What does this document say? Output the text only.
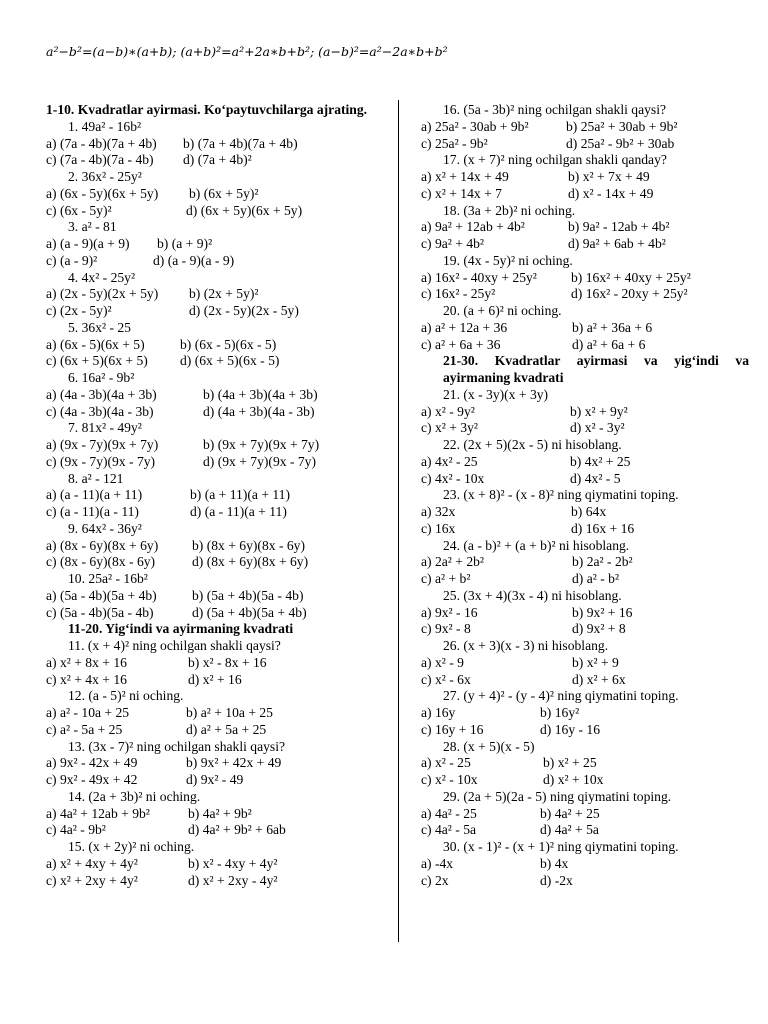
a²−b²=(a−b)∗(a+b); (a+b)²=a²+2a∗b+b²; (a−b)²=a²−2a∗b+b²
1-10. Kvadratlar ayirmasi. Ko‘paytuvchilarga ajrating.
1. 49a² - 16b²
a) (7a - 4b)(7a + 4b)	b) (7a + 4b)(7a + 4b)
c) (7a - 4b)(7a - 4b)	d) (7a + 4b)²
2. 36x² - 25y²
a) (6x - 5y)(6x + 5y)	b) (6x + 5y)²
c) (6x - 5y)²	d) (6x + 5y)(6x + 5y)
3. a² - 81
a) (a - 9)(a + 9)	b) (a + 9)²
c) (a - 9)²	d) (a - 9)(a - 9)
4. 4x² - 25y²
a) (2x - 5y)(2x + 5y)	b) (2x + 5y)²
c) (2x - 5y)²	d) (2x - 5y)(2x - 5y)
5. 36x² - 25
a) (6x - 5)(6x + 5)	b) (6x - 5)(6x - 5)
c) (6x + 5)(6x + 5)	d) (6x + 5)(6x - 5)
6. 16a² - 9b²
a) (4a - 3b)(4a + 3b)	b) (4a + 3b)(4a + 3b)
c) (4a - 3b)(4a - 3b)	d) (4a + 3b)(4a - 3b)
7. 81x² - 49y²
a) (9x - 7y)(9x + 7y)	b) (9x + 7y)(9x + 7y)
c) (9x - 7y)(9x - 7y)	d) (9x + 7y)(9x - 7y)
8. a² - 121
a) (a - 11)(a + 11)	b) (a + 11)(a + 11)
c) (a - 11)(a - 11)	d) (a - 11)(a + 11)
9. 64x² - 36y²
a) (8x - 6y)(8x + 6y)	b) (8x + 6y)(8x - 6y)
c) (8x - 6y)(8x - 6y)	d) (8x + 6y)(8x + 6y)
10. 25a² - 16b²
a) (5a - 4b)(5a + 4b)	b) (5a + 4b)(5a - 4b)
c) (5a - 4b)(5a - 4b)	d) (5a + 4b)(5a + 4b)
11-20. Yig‘indi va ayirmaning kvadrati
11. (x + 4)² ning ochilgan shakli qaysi?
a) x² + 8x + 16	b) x² - 8x + 16
c) x² + 4x + 16	d) x² + 16
12. (a - 5)² ni oching.
a) a² - 10a + 25	b) a² + 10a + 25
c) a² - 5a + 25	d) a² + 5a + 25
13. (3x - 7)² ning ochilgan shakli qaysi?
a) 9x² - 42x + 49	b) 9x² + 42x + 49
c) 9x² - 49x + 42	d) 9x² - 49
14. (2a + 3b)² ni oching.
a) 4a² + 12ab + 9b²	b) 4a² + 9b²
c) 4a² - 9b²	d) 4a² + 9b² + 6ab
15. (x + 2y)² ni oching.
a) x² + 4xy + 4y²	b) x² - 4xy + 4y²
c) x² + 2xy + 4y²	d) x² + 2xy - 4y²
16. (5a - 3b)² ning ochilgan shakli qaysi?
a) 25a² - 30ab + 9b²	b) 25a² + 30ab + 9b²
c) 25a² - 9b²	d) 25a² - 9b² + 30ab
17. (x + 7)² ning ochilgan shakli qanday?
a) x² + 14x + 49	b) x² + 7x + 49
c) x² + 14x + 7	d) x² - 14x + 49
18. (3a + 2b)² ni oching.
a) 9a² + 12ab + 4b²	b) 9a² - 12ab + 4b²
c) 9a² + 4b²	d) 9a² + 6ab + 4b²
19. (4x - 5y)² ni oching.
a) 16x² - 40xy + 25y²	b) 16x² + 40xy + 25y²
c) 16x² - 25y²	d) 16x² - 20xy + 25y²
20. (a + 6)² ni oching.
a) a² + 12a + 36	b) a² + 36a + 6
c) a² + 6a + 36	d) a² + 6a + 6
21-30. Kvadratlar ayirmasi va yig‘indi va ayirmaning kvadrati
21. (x - 3y)(x + 3y)
a) x² - 9y²	b) x² + 9y²
c) x² + 3y²	d) x² - 3y²
22. (2x + 5)(2x - 5) ni hisoblang.
a) 4x² - 25	b) 4x² + 25
c) 4x² - 10x	d) 4x² - 5
23. (x + 8)² - (x - 8)² ning qiymatini toping.
a) 32x	b) 64x
c) 16x	d) 16x + 16
24. (a - b)² + (a + b)² ni hisoblang.
a) 2a² + 2b²	b) 2a² - 2b²
c) a² + b²	d) a² - b²
25. (3x + 4)(3x - 4) ni hisoblang.
a) 9x² - 16	b) 9x² + 16
c) 9x² - 8	d) 9x² + 8
26. (x + 3)(x - 3) ni hisoblang.
a) x² - 9	b) x² + 9
c) x² - 6x	d) x² + 6x
27. (y + 4)² - (y - 4)² ning qiymatini toping.
a) 16y	b) 16y²
c) 16y + 16	d) 16y - 16
28. (x + 5)(x - 5)
a) x² - 25	b) x² + 25
c) x² - 10x	d) x² + 10x
29. (2a + 5)(2a - 5) ning qiymatini toping.
a) 4a² - 25	b) 4a² + 25
c) 4a² - 5a	d) 4a² + 5a
30. (x - 1)² - (x + 1)² ning qiymatini toping.
a) -4x	b) 4x
c) 2x	d) -2x
